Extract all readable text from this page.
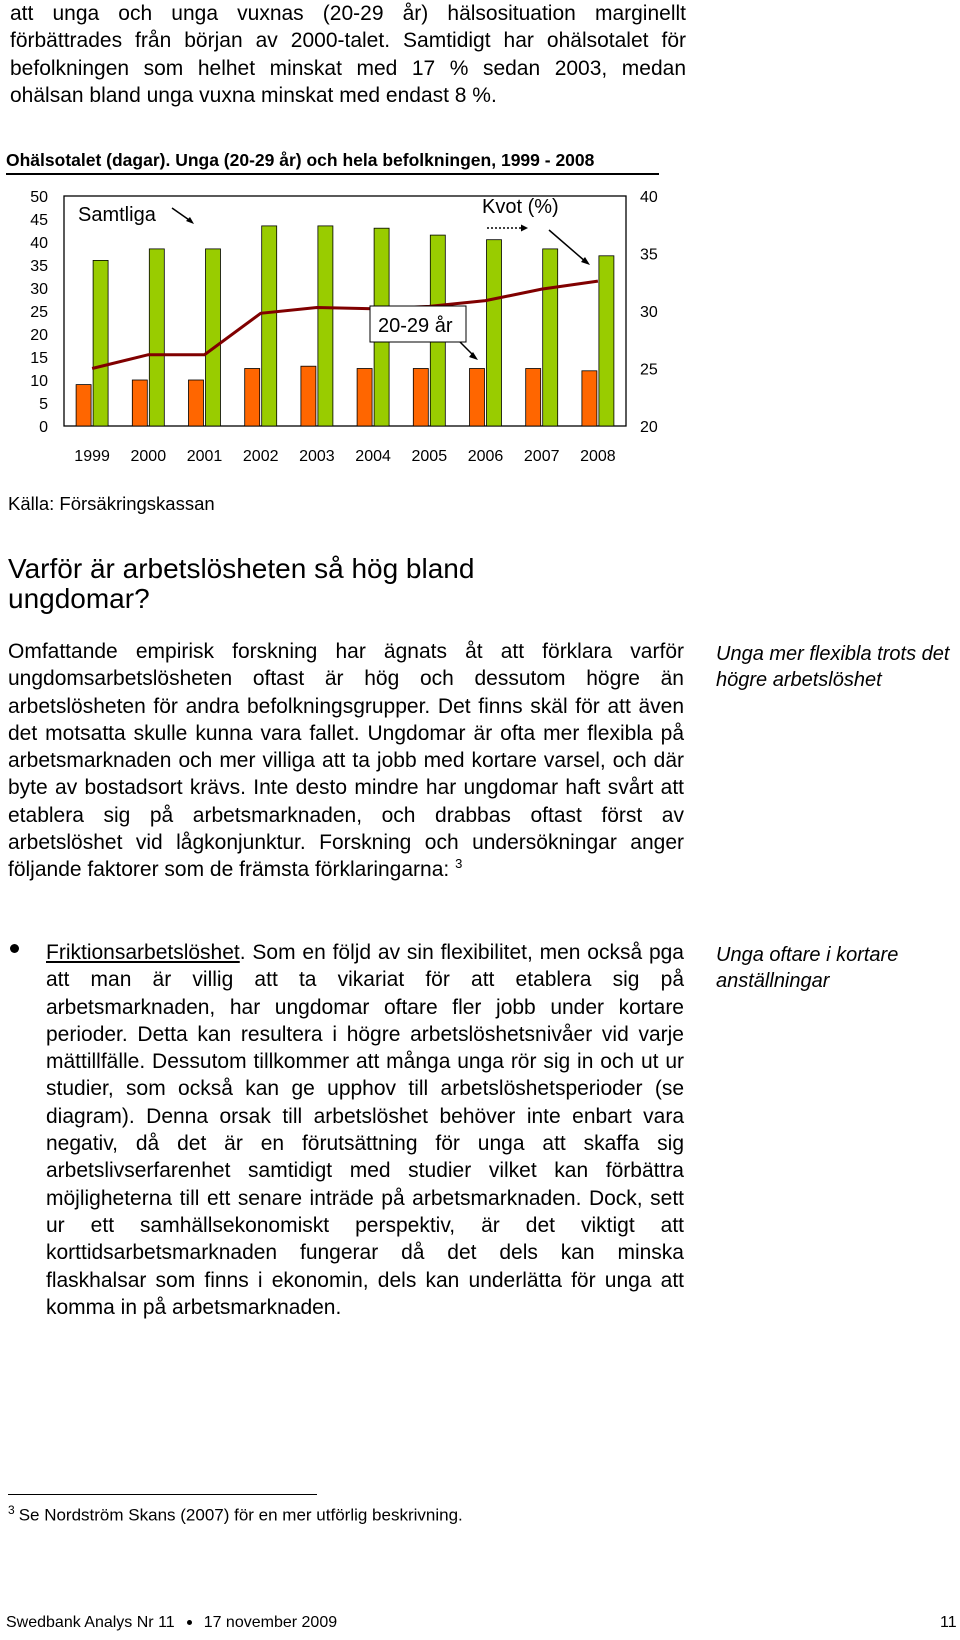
att unga och unga vuxnas (20-29 år) hälsosituation marginellt förbättrades från början av 2000-talet. Samtidigt har ohälsotalet för befolkningen som helhet minskat med 17 % sedan 2003, medan ohälsan bland unga vuxna minskat med endast 8 %.
Ohälsotalet (dagar). Unga (20-29 år) och hela befolkningen, 1999 - 2008
0
5
10
15
20
25
30
35
40
45
50
20
25
30
35
40
1999 2000 2001 2002 2003 2004 2005 2006 2007 2008
Samtliga	Kvot (%)
20-29 år
Källa: Försäkringskassan
Varför är arbetslösheten så hög bland ungdomar?
Omfattande empirisk forskning har ägnats åt att förklara varför ungdomsarbetslösheten oftast är hög och dessutom högre än arbetslösheten för andra befolkningsgrupper. Det finns skäl för att även det motsatta skulle kunna vara fallet. Ungdomar är ofta mer flexibla på arbetsmarknaden och mer villiga att ta jobb med kortare varsel, och där byte av bostadsort krävs. Inte desto mindre har ungdomar haft svårt att etablera sig på arbetsmarknaden, och drabbas oftast först av arbetslöshet vid lågkonjunktur. Forskning och undersökningar anger följande faktorer som de främsta förklaringarna: $^3$
Friktionsarbetslöshet. Som en följd av sin flexibilitet, men också pga att man är villig att ta vikariat för att etablera sig på arbetsmarknaden, har ungdomar oftare fler jobb under kortare perioder. Detta kan resultera i högre arbetslöshetsnivåer vid varje mättillfälle. Dessutom tillkommer att många unga rör sig in och ut ur studier, som också kan ge upphov till arbetslöshetsperioder (se diagram). Denna orsak till arbetslöshet behöver inte enbart vara negativ, då det är en förutsättning för unga att skaffa sig arbetslivserfarenhet samtidigt med studier vilket kan förbättra möjligheterna till ett senare inträde på arbetsmarknaden. Dock, sett ur ett samhällsekonomiskt perspektiv, är det viktigt att korttidsarbetsmarknaden fungerar då det dels kan minska flaskhalsar som finns i ekonomin, dels kan underlätta för unga att komma in på arbetsmarknaden.
Unga mer flexibla trots det högre arbetslöshet
Unga oftare i kortare anställningar
$^3$ Se Nordström Skans (2007) för en mer utförlig beskrivning.
Swedbank Analys Nr 11 17 november 2009	11
